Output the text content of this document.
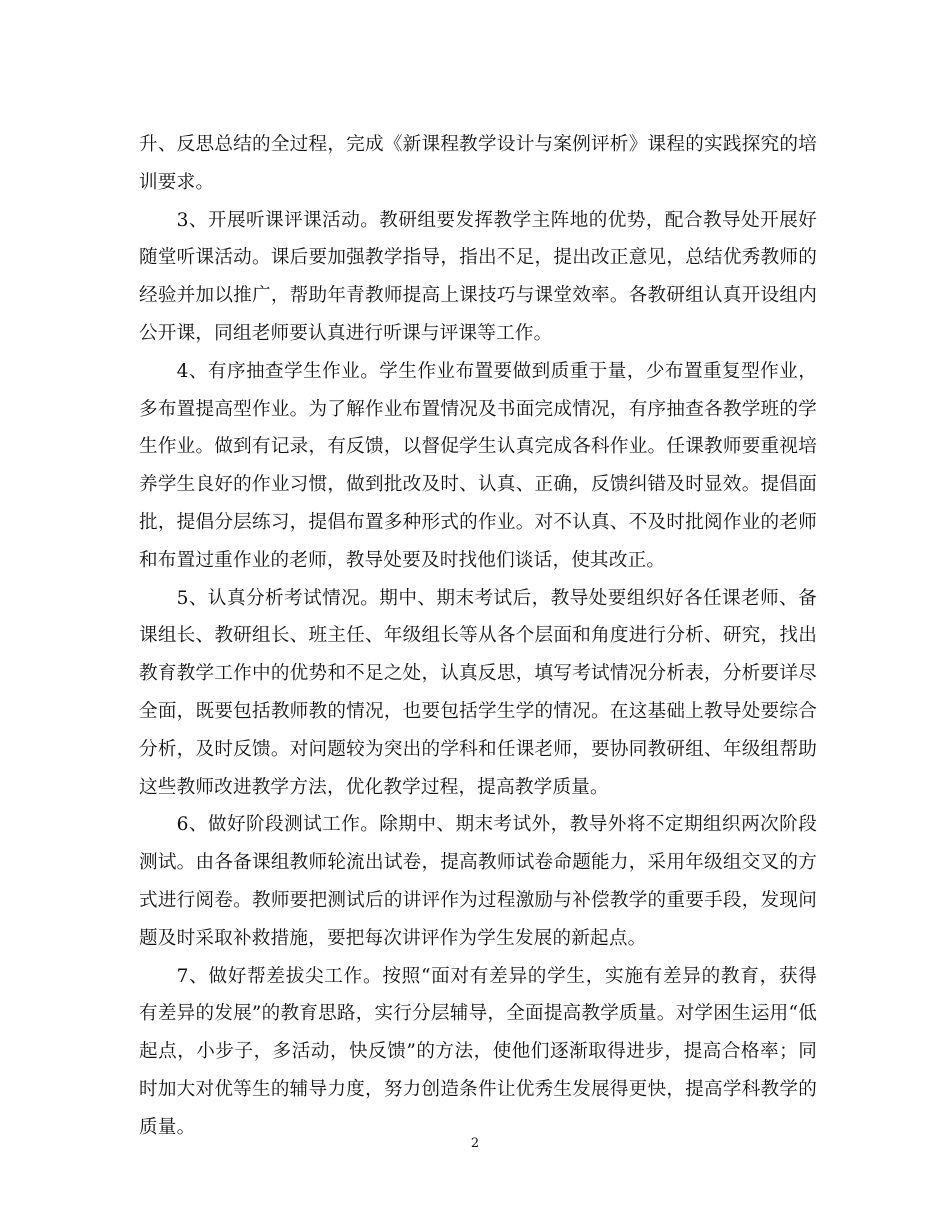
升、反思总结的全过程，完成《新课程教学设计与案例评析》课程的实践探究的培训要求。

3、开展听课评课活动。教研组要发挥教学主阵地的优势，配合教导处开展好随堂听课活动。课后要加强教学指导，指出不足，提出改正意见，总结优秀教师的经验并加以推广，帮助年青教师提高上课技巧与课堂效率。各教研组认真开设组内公开课，同组老师要认真进行听课与评课等工作。

4、有序抽查学生作业。学生作业布置要做到质重于量，少布置重复型作业，多布置提高型作业。为了解作业布置情况及书面完成情况，有序抽查各教学班的学生作业。做到有记录，有反馈，以督促学生认真完成各科作业。任课教师要重视培养学生良好的作业习惯，做到批改及时、认真、正确，反馈纠错及时显效。提倡面批，提倡分层练习，提倡布置多种形式的作业。对不认真、不及时批阅作业的老师和布置过重作业的老师，教导处要及时找他们谈话，使其改正。

5、认真分析考试情况。期中、期末考试后，教导处要组织好各任课老师、备课组长、教研组长、班主任、年级组长等从各个层面和角度进行分析、研究，找出教育教学工作中的优势和不足之处，认真反思，填写考试情况分析表，分析要详尽全面，既要包括教师教的情况，也要包括学生学的情况。在这基础上教导处要综合分析，及时反馈。对问题较为突出的学科和任课老师，要协同教研组、年级组帮助这些教师改进教学方法，优化教学过程，提高教学质量。

6、做好阶段测试工作。除期中、期末考试外，教导外将不定期组织两次阶段测试。由各备课组教师轮流出试卷，提高教师试卷命题能力，采用年级组交叉的方式进行阅卷。教师要把测试后的讲评作为过程激励与补偿教学的重要手段，发现问题及时采取补救措施，要把每次讲评作为学生发展的新起点。

7、做好帮差拔尖工作。按照“面对有差异的学生，实施有差异的教育，获得有差异的发展”的教育思路，实行分层辅导，全面提高教学质量。对学困生运用“低起点，小步子，多活动，快反馈”的方法，使他们逐渐取得进步，提高合格率；同时加大对优等生的辅导力度，努力创造条件让优秀生发展得更快，提高学科教学的质量。

2
